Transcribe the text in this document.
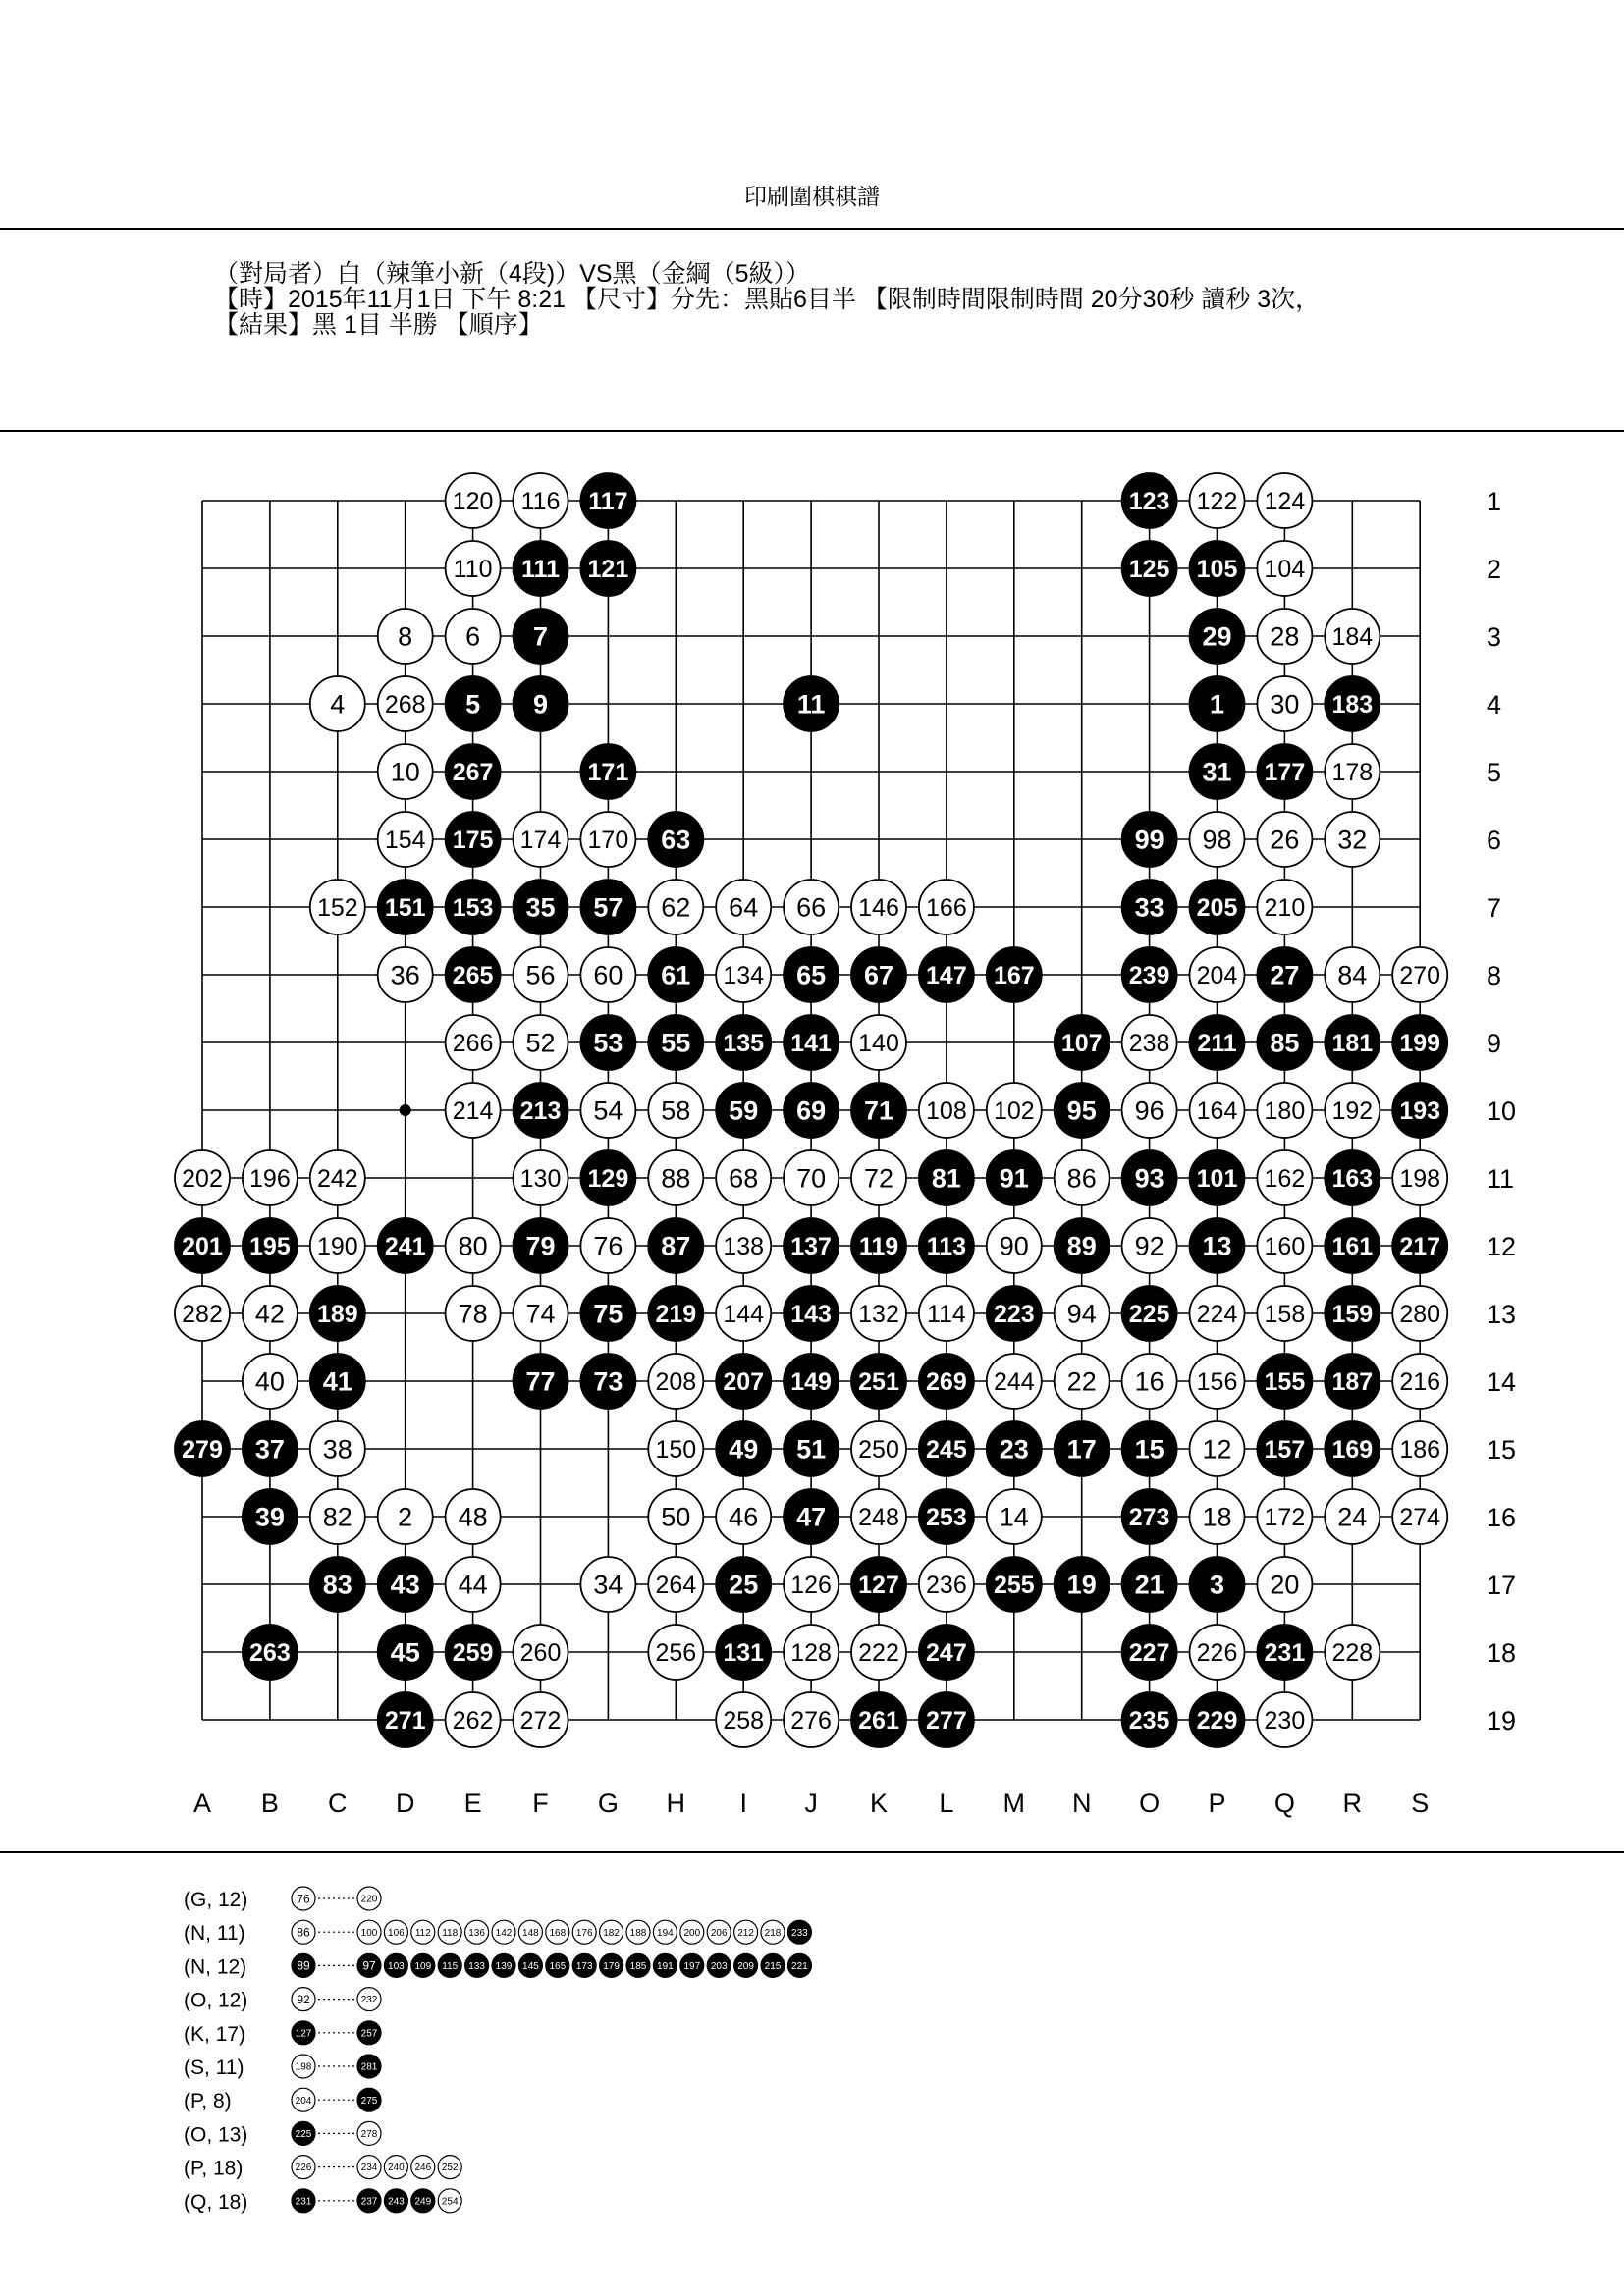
印刷圍棋棋譜
（對局者）白（辣筆小新（4段)）VS黑（金綱（5級））
【時】2015年11月1日 下午 8:21 【尺寸】分先：黑貼6目半 【限制時間限制時間 20分30秒 讀秒 3次，
【結果】黑 1目 半勝 【順序】
A B C D E F G H I J K L M N O P Q R S
1
2
3
4
5
6
7
8
9
10
11
12
13
14
15
16
17
18
19
120 116 117	123 122 124
110 111 121	125 105 104
8 6 7	29 28 184
4 268 5 9	11	1 30 183
10 267	171	31 177 178
154 175 174 170 63	99 98 26 32
152 151 153 35 57 62 64 66 146 166	33 205 210
36 265 56 60 61 134 65 67 147 167	239 204 27 84 270
266 52 53 55 135 141 140	107 238 211 85 181 199
214 213 54 58 59 69 71 108 102 95 96 164 180 192 193
202 196 242	130 129 88 68 70 72 81 91 86 93 101 162 163 198
201 195 190 241 80 79 76 87 138 137 119 113 90 89 92 13 160 161 217
282 42 189	78 74 75 219 144 143 132 114 223 94 225 224 158 159 280
40 41	77 73 208 207 149 251 269 244 22 16 156 155 187 216
279 37 38	150 49 51 250 245 23 17 15 12 157 169 186
39 82 2 48	50 46 47 248 253 14	273 18 172 24 274
83 43 44	34 264 25 126 127 236 255 19 21 3 20
263	45 259 260	256 131 128 222 247	227 226 231 228
271 262 272	258 276 261 277	235 229 230
(G, 12)	76	220
(N, 11)	86	100 106 112 118 136 142 148 168 176 182 188 194 200 206 212 218 233
(N, 12)	89	97 103 109 115 133 139 145 165 173 179 185 191 197 203 209 215 221
(O, 12)	92	232
(K, 17)	127	257
(S, 11)	198	281
(P, 8)	204	275
(O, 13)	225	278
(P, 18)	226	234 240 246 252
(Q, 18)	231	237 243 249 254
